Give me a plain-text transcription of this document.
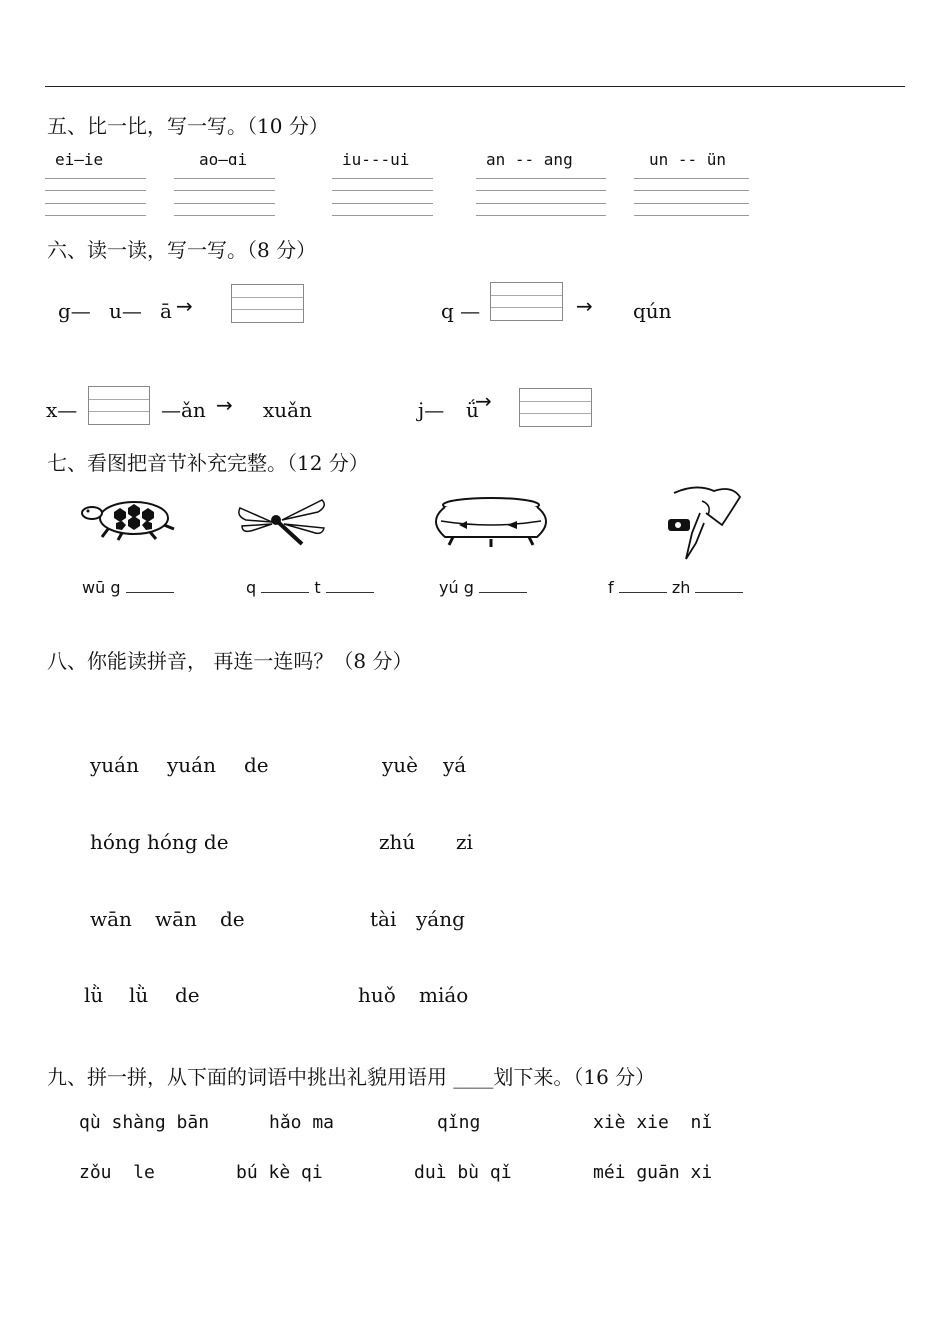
五、比一比，写一写。（10 分）
ei—ie	ao—ɑi	iu---ui	an -- ang	un -- ün
六、读一读，写一写。（8 分）
g— u— ā →	q —	→ qún
x—	—ǎn → xuǎn	j— ǘ
→
七、看图把音节补充完整。（12 分）
wū g	q	t	yú g	f	zh
八、你能读拼音， 再连一连吗？（8 分）
yuán yuán de	yuè yá
hóng hóng de	zhú zi
wān wān de	tài yáng
lǜ lǜ de	huǒ miáo
九、拼一拼，从下面的词语中挑出礼貌用语用 ____划下来。（16 分）
qù shàng bān	hǎo ma	qǐng	xiè xie  nǐ
zǒu  le	bú kè qi	duì bù qǐ	méi guān xi
